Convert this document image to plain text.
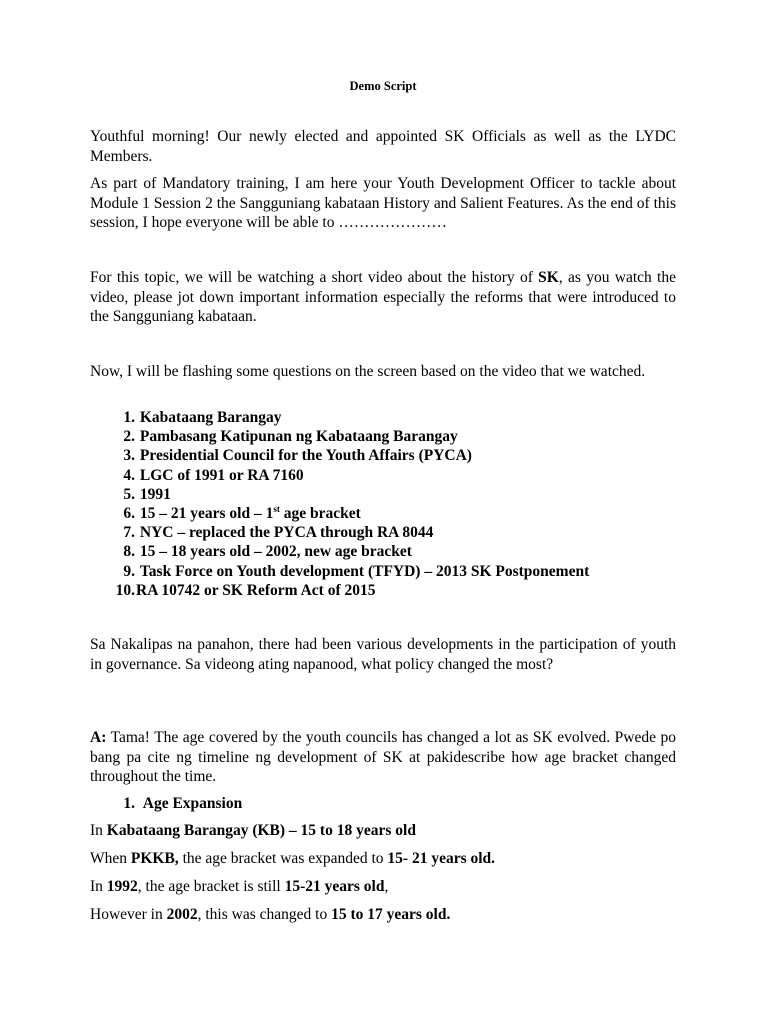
Demo Script
Youthful morning! Our newly elected and appointed SK Officials as well as the LYDC Members.
As part of Mandatory training, I am here your Youth Development Officer to tackle about Module 1 Session 2 the Sangguniang kabataan History and Salient Features. As the end of this session, I hope everyone will be able to …………………
For this topic, we will be watching a short video about the history of SK, as you watch the video, please jot down important information especially the reforms that were introduced to the Sangguniang kabataan.
Now, I will be flashing some questions on the screen based on the video that we watched.
1. Kabataang Barangay
2. Pambasang Katipunan ng Kabataang Barangay
3. Presidential Council for the Youth Affairs (PYCA)
4. LGC of 1991 or RA 7160
5. 1991
6. 15 – 21 years old – 1st age bracket
7. NYC – replaced the PYCA through RA 8044
8. 15 – 18 years old – 2002, new age bracket
9. Task Force on Youth development (TFYD) – 2013 SK Postponement
10.RA 10742 or SK Reform Act of 2015
Sa Nakalipas na panahon, there had been various developments in the participation of youth in governance. Sa videong ating napanood, what policy changed the most?
A: Tama! The age covered by the youth councils has changed a lot as SK evolved. Pwede po bang pa cite ng timeline ng development of SK at pakidescribe how age bracket changed throughout the time.
1. Age Expansion
In Kabataang Barangay (KB) – 15 to 18 years old
When PKKB, the age bracket was expanded to 15- 21 years old.
In 1992, the age bracket is still 15-21 years old,
However in 2002, this was changed to 15 to 17 years old.
